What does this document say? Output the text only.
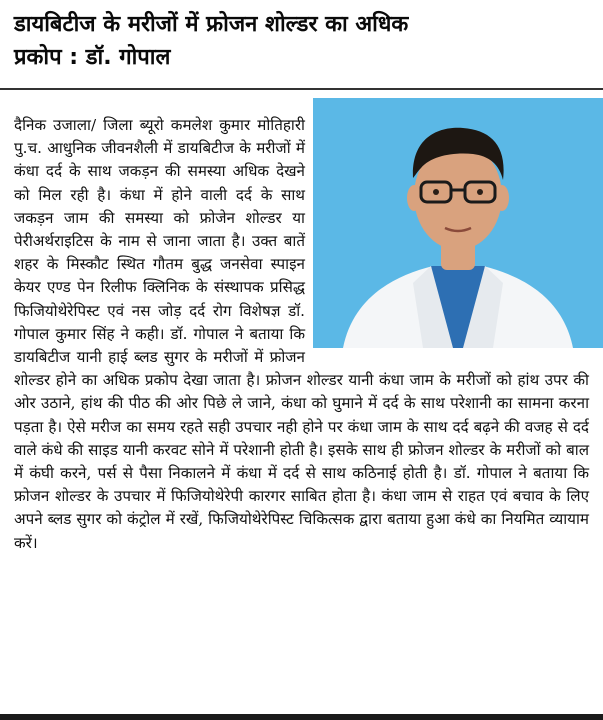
डायबिटीज के मरीजों में फ्रोजन शोल्डर का अधिक
प्रकोप : डॉ. गोपाल

दैनिक उजाला/ जिला ब्यूरो कमलेश कुमार मोतिहारी पु.च. आधुनिक जीवनशैली में डायबिटीज के मरीजों में कंधा दर्द के साथ जकड़न की समस्या अधिक देखने को मिल रही है। कंधा में होने वाली दर्द के साथ जकड़न जाम की समस्या को फ्रोजेन शोल्डर या पेरीअर्थराइटिस के नाम से जाना जाता है। उक्त बातें शहर के मिस्कौट स्थित गौतम बुद्ध जनसेवा स्पाइन केयर एण्ड पेन रिलीफ क्लिनिक के संस्थापक प्रसिद्ध फिजियोथेरेपिस्ट एवं नस जोड़ दर्द रोग विशेषज्ञ डॉ. गोपाल कुमार सिंह ने कही। डॉ. गोपाल ने बताया कि डायबिटीज यानी हाई ब्लड सुगर के मरीजों में फ्रोजन शोल्डर होने का अधिक प्रकोप देखा जाता है। फ्रोजन शोल्डर यानी कंधा जाम के मरीजों को हांथ उपर की ओर उठाने, हांथ की पीठ की ओर पिछे ले जाने, कंधा को घुमाने में दर्द के साथ परेशानी का सामना करना पड़ता है। ऐसे मरीज का समय रहते सही उपचार नही होने पर कंधा जाम के साथ दर्द बढ़ने की वजह से दर्द वाले कंधे की साइड यानी करवट सोने में परेशानी होती है। इसके साथ ही फ्रोजन शोल्डर के मरीजों को बाल में कंघी करने, पर्स से पैसा निकालने में कंधा में दर्द से साथ कठिनाई होती है। डॉ. गोपाल ने बताया कि फ्रोजन शोल्डर के उपचार में फिजियोथेरेपी कारगर साबित होता है। कंधा जाम से राहत एवं बचाव के लिए अपने ब्लड सुगर को कंट्रोल में रखें, फिजियोथेरेपिस्ट चिकित्सक द्वारा बताया हुआ कंधे का नियमित व्यायाम करें।
